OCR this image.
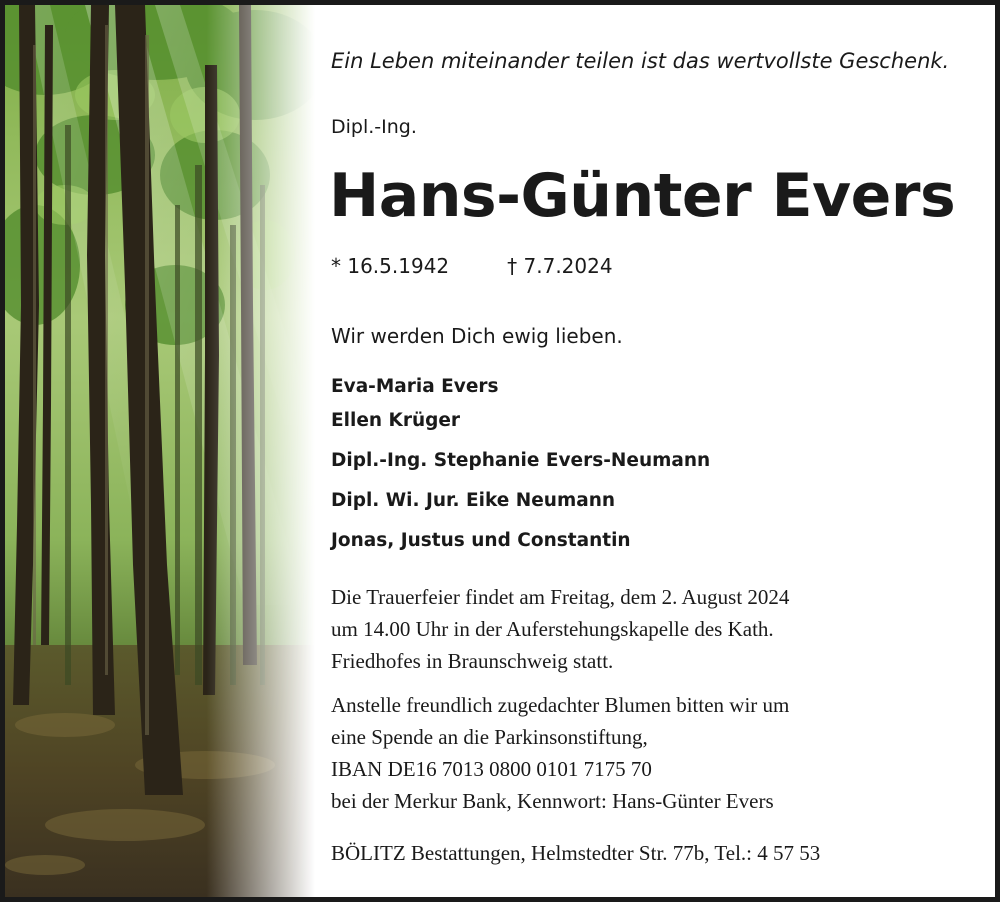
Ein Leben miteinander teilen ist das wertvollste Geschenk.
Dipl.-Ing.
Hans-Günter Evers
* 16.5.1942	† 7.7.2024
Wir werden Dich ewig lieben.
Eva-Maria Evers
Ellen Krüger
Dipl.-Ing. Stephanie Evers-Neumann
Dipl. Wi. Jur. Eike Neumann
Jonas, Justus und Constantin
Die Trauerfeier findet am Freitag, dem 2. August 2024
um 14.00 Uhr in der Auferstehungskapelle des Kath.
Friedhofes in Braunschweig statt.
Anstelle freundlich zugedachter Blumen bitten wir um
eine Spende an die Parkinsonstiftung,
IBAN DE16 7013 0800 0101 7175 70
bei der Merkur Bank, Kennwort: Hans-Günter Evers
BÖLITZ Bestattungen, Helmstedter Str. 77b, Tel.: 4 57 53
